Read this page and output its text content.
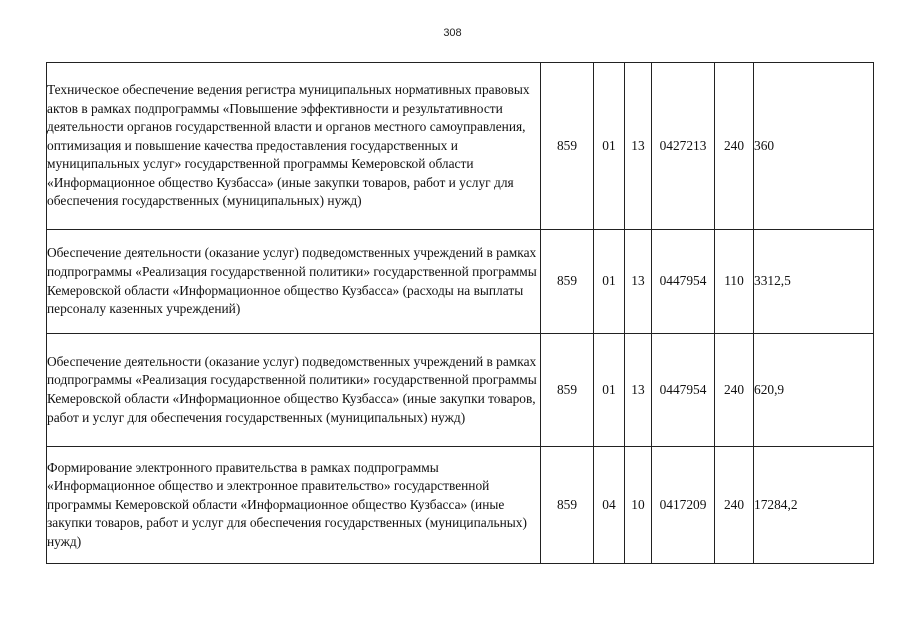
308
Техническое обеспечение ведения регистра муниципальных нормативных правовых актов в рамках подпрограммы «Повышение эффективности и результативности деятельности органов государственной власти и органов местного самоуправления, оптимизация и повышение качества предоставления государственных и муниципальных услуг» государственной программы Кемеровской области «Информационное общество Кузбасса» (иные закупки товаров, работ и услуг для обеспечения государственных (муниципальных) нужд)	859	01	13	0427213	240	360
Обеспечение деятельности (оказание услуг) подведомственных учреждений в рамках подпрограммы «Реализация государственной политики» государственной программы Кемеровской области «Информационное общество Кузбасса» (расходы на выплаты персоналу казенных учреждений)	859	01	13	0447954	110	3312,5
Обеспечение деятельности (оказание услуг) подведомственных учреждений в рамках подпрограммы «Реализация государственной политики» государственной программы Кемеровской области «Информационное общество Кузбасса» (иные закупки товаров, работ и услуг для обеспечения государственных (муниципальных) нужд)	859	01	13	0447954	240	620,9
Формирование электронного правительства в рамках подпрограммы «Информационное общество и электронное правительство» государственной программы Кемеровской области «Информационное общество Кузбасса» (иные закупки товаров, работ и услуг для обеспечения государственных (муниципальных) нужд)	859	04	10	0417209	240	17284,2
